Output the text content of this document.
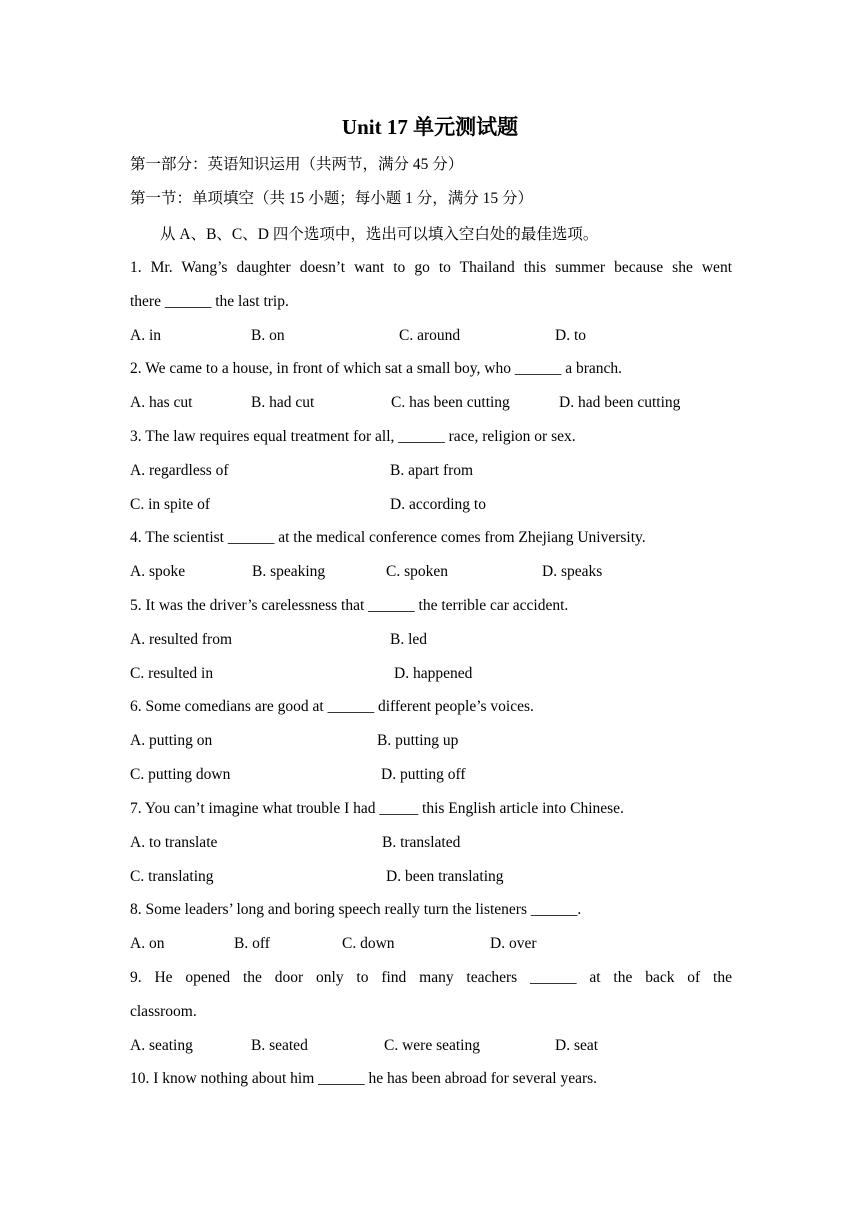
Unit 17 单元测试题
第一部分：英语知识运用（共两节，满分 45 分）
第一节：单项填空（共 15 小题；每小题 1 分，满分 15 分）
从 A、B、C、D 四个选项中，选出可以填入空白处的最佳选项。
1. Mr. Wang’s daughter doesn’t want to go to Thailand this summer because she went
there ______ the last trip.
A. in	B. on	C. around	D. to
2. We came to a house, in front of which sat a small boy, who ______ a branch.
A. has cut	B. had cut	C. has been cutting	D. had been cutting
3. The law requires equal treatment for all, ______ race, religion or sex.
A. regardless of	B. apart from
C. in spite of	D. according to
4. The scientist ______ at the medical conference comes from Zhejiang University.
A. spoke	B. speaking	C. spoken	D. speaks
5. It was the driver’s carelessness that ______ the terrible car accident.
A. resulted from	B. led
C. resulted in	D. happened
6. Some comedians are good at ______ different people’s voices.
A. putting on	B. putting up
C. putting down	D. putting off
7. You can’t imagine what trouble I had _____ this English article into Chinese.
A. to translate	B. translated
C. translating	D. been translating
8. Some leaders’ long and boring speech really turn the listeners ______.
A. on	B. off	C. down	D. over
9. He opened the door only to find many teachers ______ at the back of the
classroom.
A. seating	B. seated	C. were seating	D. seat
10. I know nothing about him ______ he has been abroad for several years.
